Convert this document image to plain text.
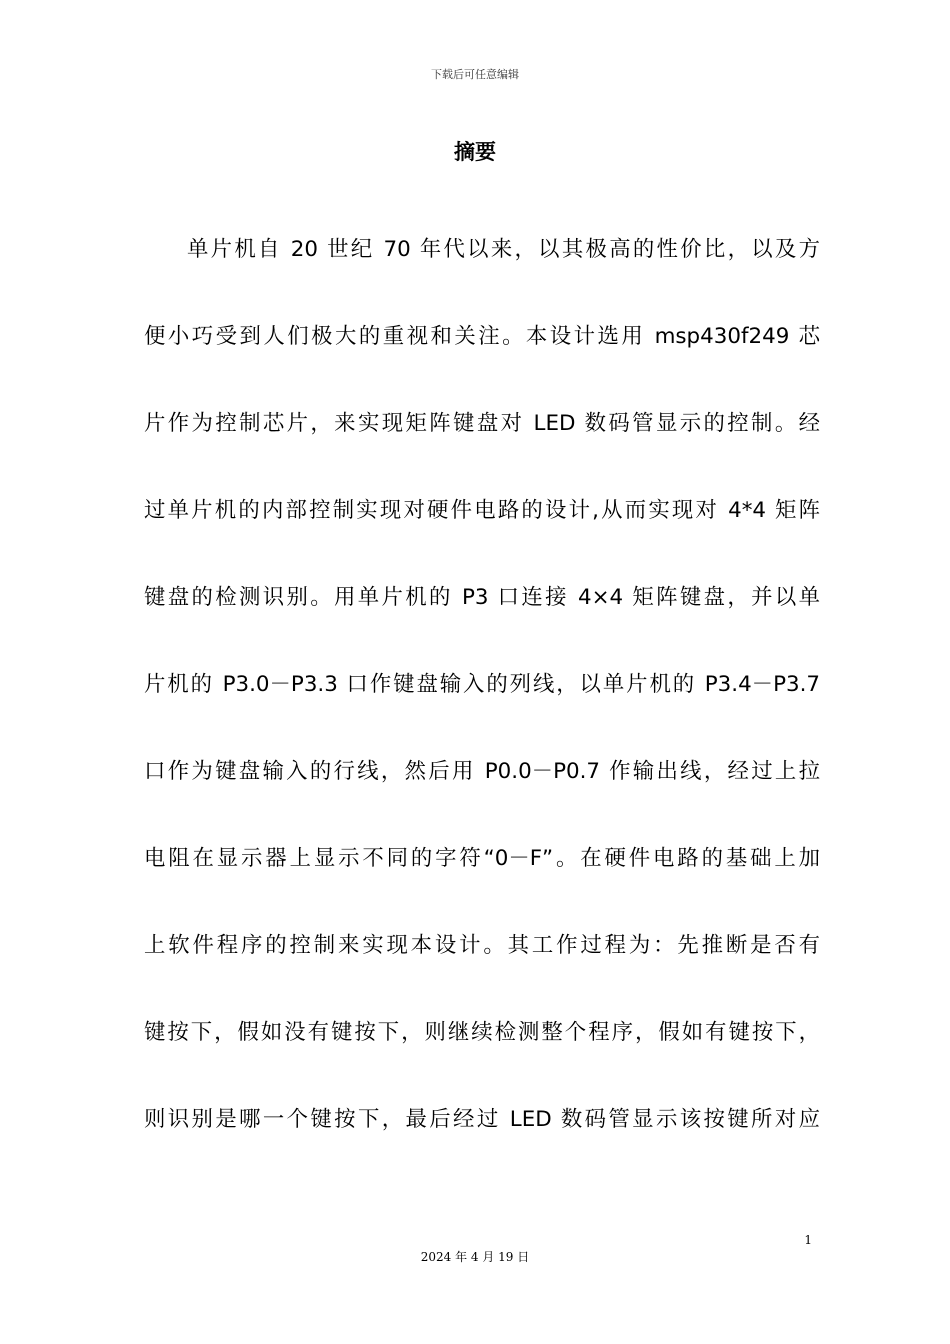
下载后可任意编辑
摘要
单片机自 20 世纪 70 年代以来，以其极高的性价比，以及方
便小巧受到人们极大的重视和关注。本设计选用 msp430f249 芯
片作为控制芯片，来实现矩阵键盘对 LED 数码管显示的控制。经
过单片机的内部控制实现对硬件电路的设计,从而实现对 4*4 矩阵
键盘的检测识别。用单片机的 P3 口连接 4×4 矩阵键盘，并以单
片机的 P3.0－P3.3 口作键盘输入的列线，以单片机的 P3.4－P3.7
口作为键盘输入的行线，然后用 P0.0－P0.7 作输出线，经过上拉
电阻在显示器上显示不同的字符“0－F”。在硬件电路的基础上加
上软件程序的控制来实现本设计。其工作过程为：先推断是否有
键按下，假如没有键按下，则继续检测整个程序，假如有键按下，
则识别是哪一个键按下，最后经过 LED 数码管显示该按键所对应
1
2024 年 4 月 19 日
